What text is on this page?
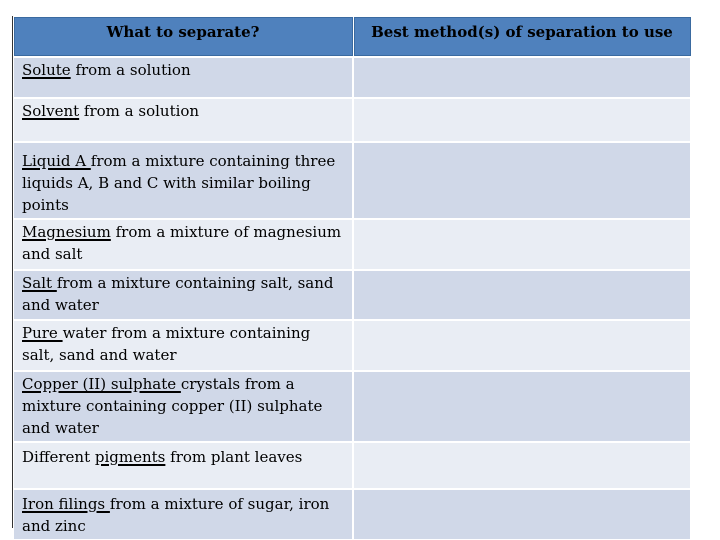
What to separate?	Best method(s) of separation to use
Solute from a solution	
Solvent from a solution	
Liquid A from a mixture containing three liquids A, B and C with similar boiling points	
Magnesium from a mixture of magnesium and salt	
Salt from a mixture containing salt, sand and water	
Pure water from a mixture containing salt, sand and water	
Copper (II) sulphate crystals from a mixture containing copper (II) sulphate and water	
Different pigments from plant leaves	
Iron filings from a mixture of sugar, iron and zinc	
